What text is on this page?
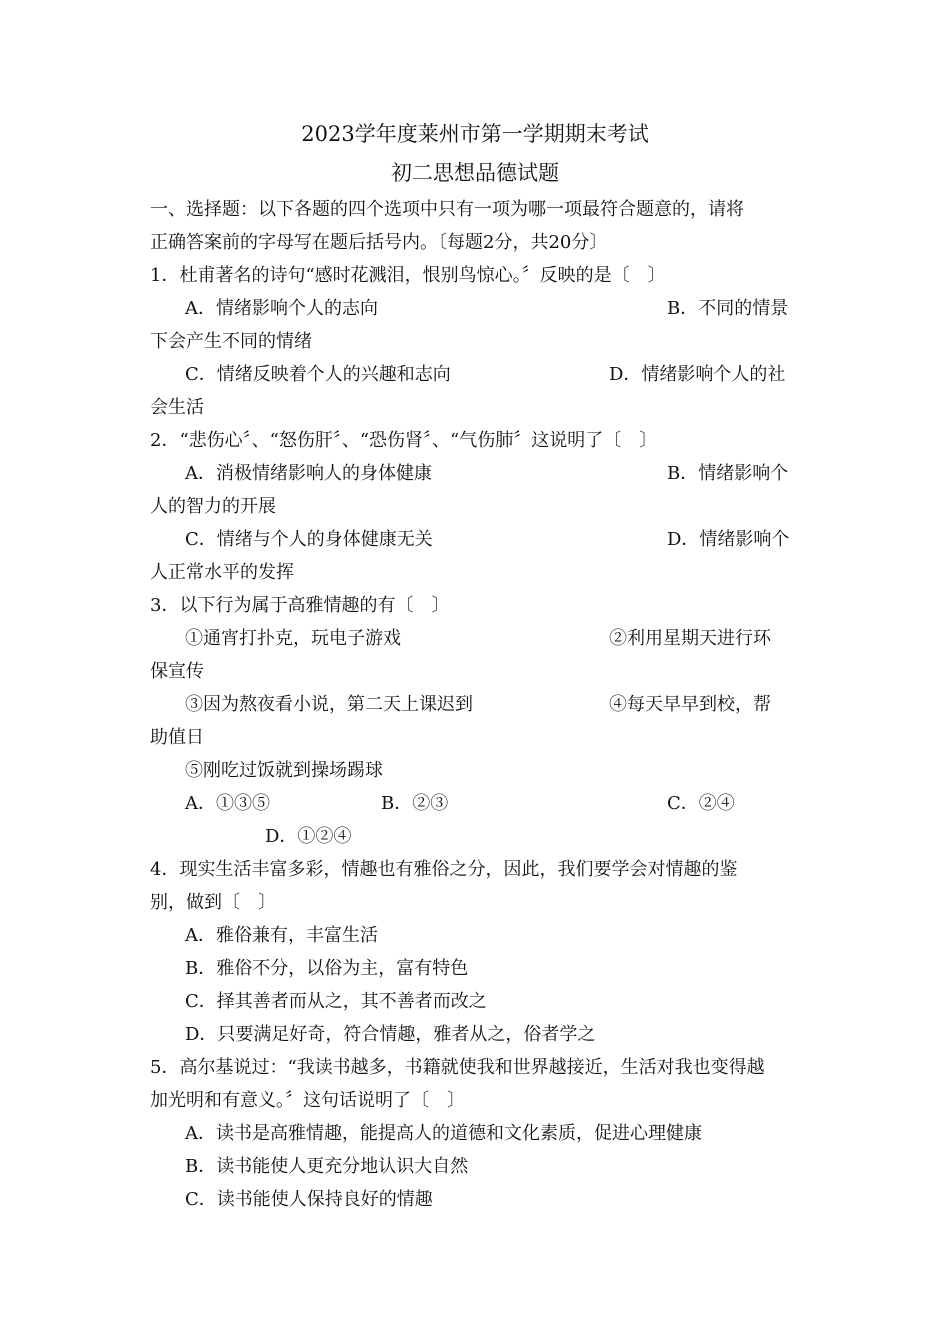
2023学年度莱州市第一学期期末考试
初二思想品德试题
一、选择题：以下各题的四个选项中只有一项为哪一项最符合题意的，请将
正确答案前的字母写在题后括号内。〔每题2分，共20分〕
1．杜甫著名的诗句“感时花溅泪，恨别鸟惊心。〞反映的是〔　〕
A．情绪影响个人的志向	B．不同的情景
下会产生不同的情绪
C．情绪反映着个人的兴趣和志向	D．情绪影响个人的社
会生活
2．“悲伤心〞、“怒伤肝〞、“恐伤肾〞、“气伤肺〞这说明了〔　〕
A．消极情绪影响人的身体健康	B．情绪影响个
人的智力的开展
C．情绪与个人的身体健康无关	D．情绪影响个
人正常水平的发挥
3．以下行为属于高雅情趣的有〔　〕
①通宵打扑克，玩电子游戏	②利用星期天进行环
保宣传
③因为熬夜看小说，第二天上课迟到	④每天早早到校，帮
助值日
⑤刚吃过饭就到操场踢球
A．①③⑤	B．②③	C．②④
D．①②④
4．现实生活丰富多彩，情趣也有雅俗之分，因此，我们要学会对情趣的鉴
别，做到〔　〕
A．雅俗兼有，丰富生活
B．雅俗不分，以俗为主，富有特色
C．择其善者而从之，其不善者而改之
D．只要满足好奇，符合情趣，雅者从之，俗者学之
5．高尔基说过：“我读书越多，书籍就使我和世界越接近，生活对我也变得越
加光明和有意义。〞这句话说明了〔　〕
A．读书是高雅情趣，能提高人的道德和文化素质，促进心理健康
B．读书能使人更充分地认识大自然
C．读书能使人保持良好的情趣
